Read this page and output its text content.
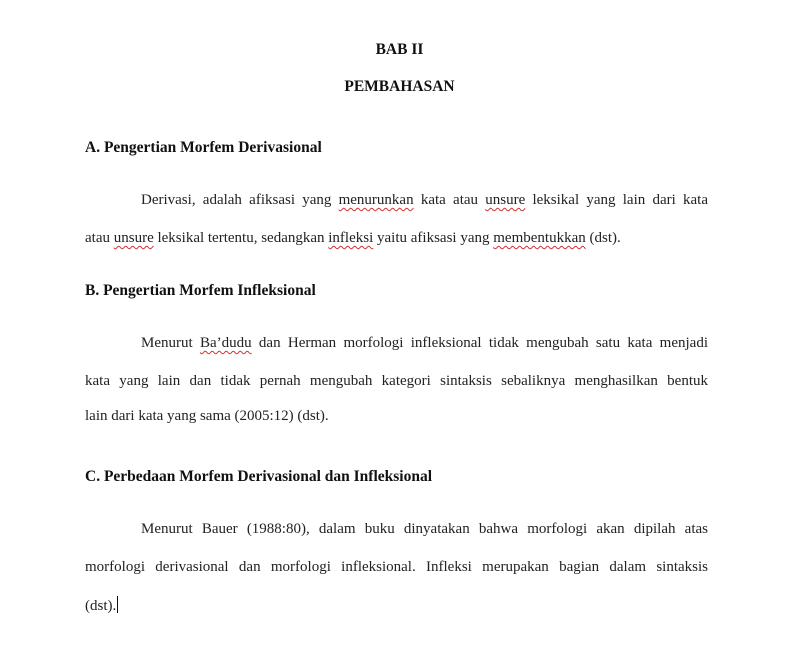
BAB II
PEMBAHASAN
A. Pengertian Morfem Derivasional
Derivasi, adalah afiksasi yang menurunkan kata atau unsure leksikal yang lain dari kata
atau unsure leksikal tertentu, sedangkan infleksi yaitu afiksasi yang membentukkan (dst).
B. Pengertian Morfem Infleksional
Menurut Ba’dudu dan Herman morfologi infleksional tidak mengubah satu kata menjadi
kata yang lain dan tidak pernah mengubah kategori sintaksis sebaliknya menghasilkan bentuk
lain dari kata yang sama (2005:12) (dst).
C. Perbedaan Morfem Derivasional dan Infleksional
Menurut Bauer (1988:80), dalam buku dinyatakan bahwa morfologi akan dipilah atas
morfologi derivasional dan morfologi infleksional. Infleksi merupakan bagian dalam sintaksis
(dst).
